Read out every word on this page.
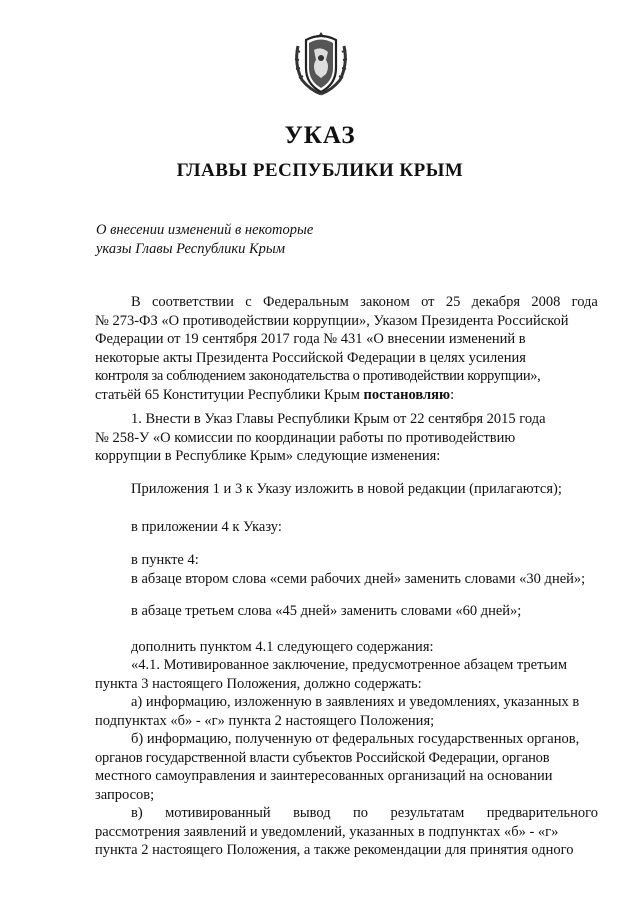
УКАЗ
ГЛАВЫ РЕСПУБЛИКИ КРЫМ
О внесении изменений в некоторые
указы Главы Республики Крым
В соответствии с Федеральным законом от 25 декабря 2008 года
№ 273-ФЗ «О противодействии коррупции», Указом Президента Российской
Федерации от 19 сентября 2017 года № 431 «О внесении изменений в
некоторые акты Президента Российской Федерации в целях усиления
контроля за соблюдением законодательства о противодействии коррупции»,
статьёй 65 Конституции Республики Крым постановляю:
1. Внести в Указ Главы Республики Крым от 22 сентября 2015 года
№ 258-У «О комиссии по координации работы по противодействию
коррупции в Республике Крым» следующие изменения:
Приложения 1 и 3 к Указу изложить в новой редакции (прилагаются);
в приложении 4 к Указу:
в пункте 4:
в абзаце втором слова «семи рабочих дней» заменить словами «30 дней»;
в абзаце третьем слова «45 дней» заменить словами «60 дней»;
дополнить пунктом 4.1 следующего содержания:
«4.1. Мотивированное заключение, предусмотренное абзацем третьим
пункта 3 настоящего Положения, должно содержать:
а) информацию, изложенную в заявлениях и уведомлениях, указанных в
подпунктах «б» - «г» пункта 2 настоящего Положения;
б) информацию, полученную от федеральных государственных органов,
органов государственной власти субъектов Российской Федерации, органов
местного самоуправления и заинтересованных организаций на основании
запросов;
в) мотивированный вывод по результатам предварительного
рассмотрения заявлений и уведомлений, указанных в подпунктах «б» - «г»
пункта 2 настоящего Положения, а также рекомендации для принятия одного
